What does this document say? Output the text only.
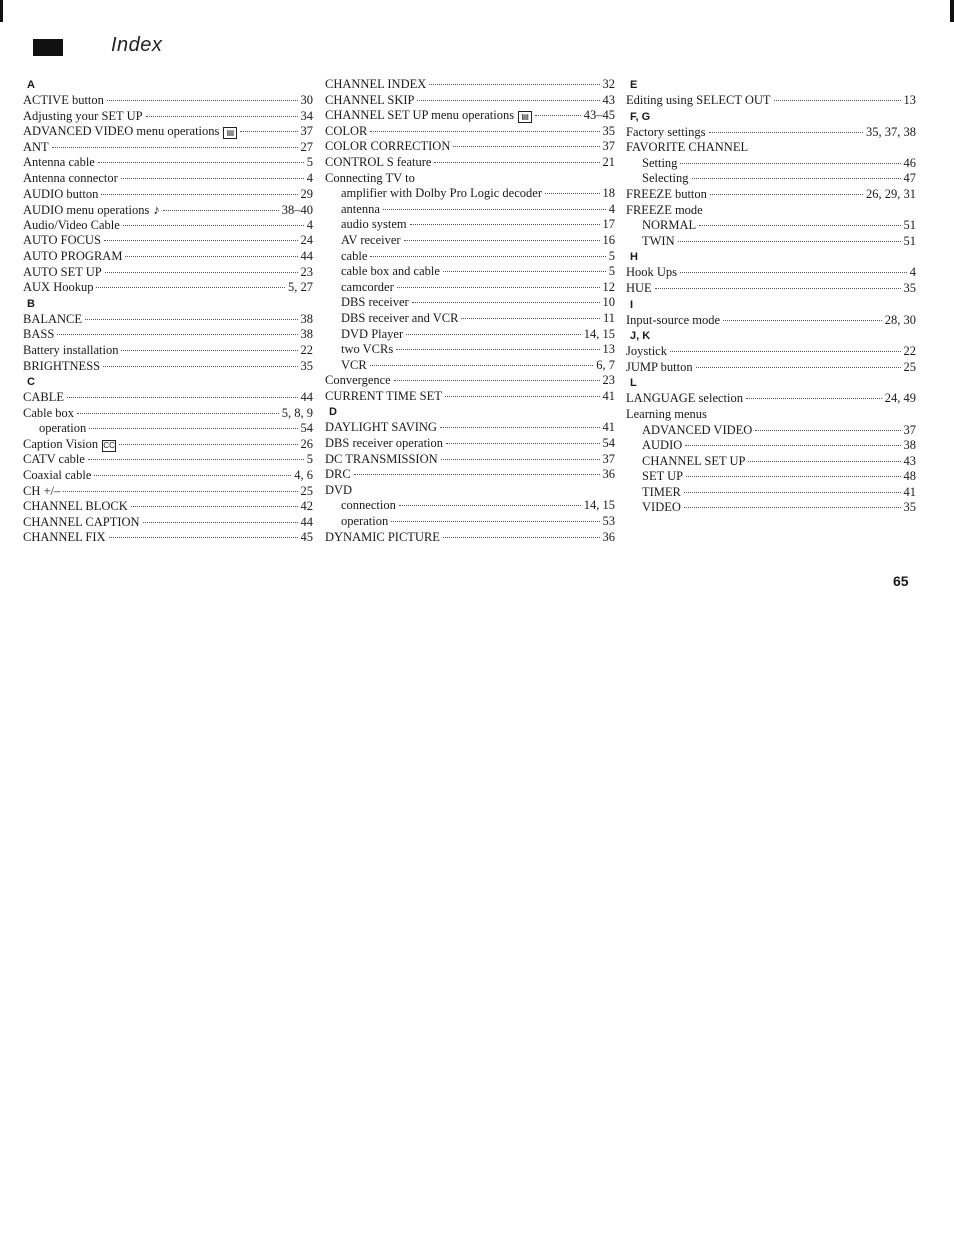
Index
A
ACTIVE button	30
Adjusting your SET UP	34
ADVANCED VIDEO menu operations ▤	37
ANT	27
Antenna cable	5
Antenna connector	4
AUDIO button	29
AUDIO menu operations ♪	38–40
Audio/Video Cable	4
AUTO FOCUS	24
AUTO PROGRAM	44
AUTO SET UP	23
AUX Hookup	5, 27
B
BALANCE	38
BASS	38
Battery installation	22
BRIGHTNESS	35
C
CABLE	44
Cable box	5, 8, 9
operation	54
Caption Vision CC	26
CATV cable	5
Coaxial cable	4, 6
CH +/–	25
CHANNEL BLOCK	42
CHANNEL CAPTION	44
CHANNEL FIX	45
CHANNEL INDEX	32
CHANNEL SKIP	43
CHANNEL SET UP menu operations ▤	43–45
COLOR	35
COLOR CORRECTION	37
CONTROL S feature	21
Connecting TV to
amplifier with Dolby Pro Logic decoder	18
antenna	4
audio system	17
AV receiver	16
cable	5
cable box and cable	5
camcorder	12
DBS receiver	10
DBS receiver and VCR	11
DVD Player	14, 15
two VCRs	13
VCR	6, 7
Convergence	23
CURRENT TIME SET	41
D
DAYLIGHT SAVING	41
DBS receiver operation	54
DC TRANSMISSION	37
DRC	36
DVD
connection	14, 15
operation	53
DYNAMIC PICTURE	36
E
Editing using SELECT OUT	13
F, G
Factory settings	35, 37, 38
FAVORITE CHANNEL
Setting	46
Selecting	47
FREEZE button	26, 29, 31
FREEZE mode
NORMAL	51
TWIN	51
H
Hook Ups	4
HUE	35
I
Input-source mode	28, 30
J, K
Joystick	22
JUMP button	25
L
LANGUAGE selection	24, 49
Learning menus
ADVANCED VIDEO	37
AUDIO	38
CHANNEL SET UP	43
SET UP	48
TIMER	41
VIDEO	35
65
